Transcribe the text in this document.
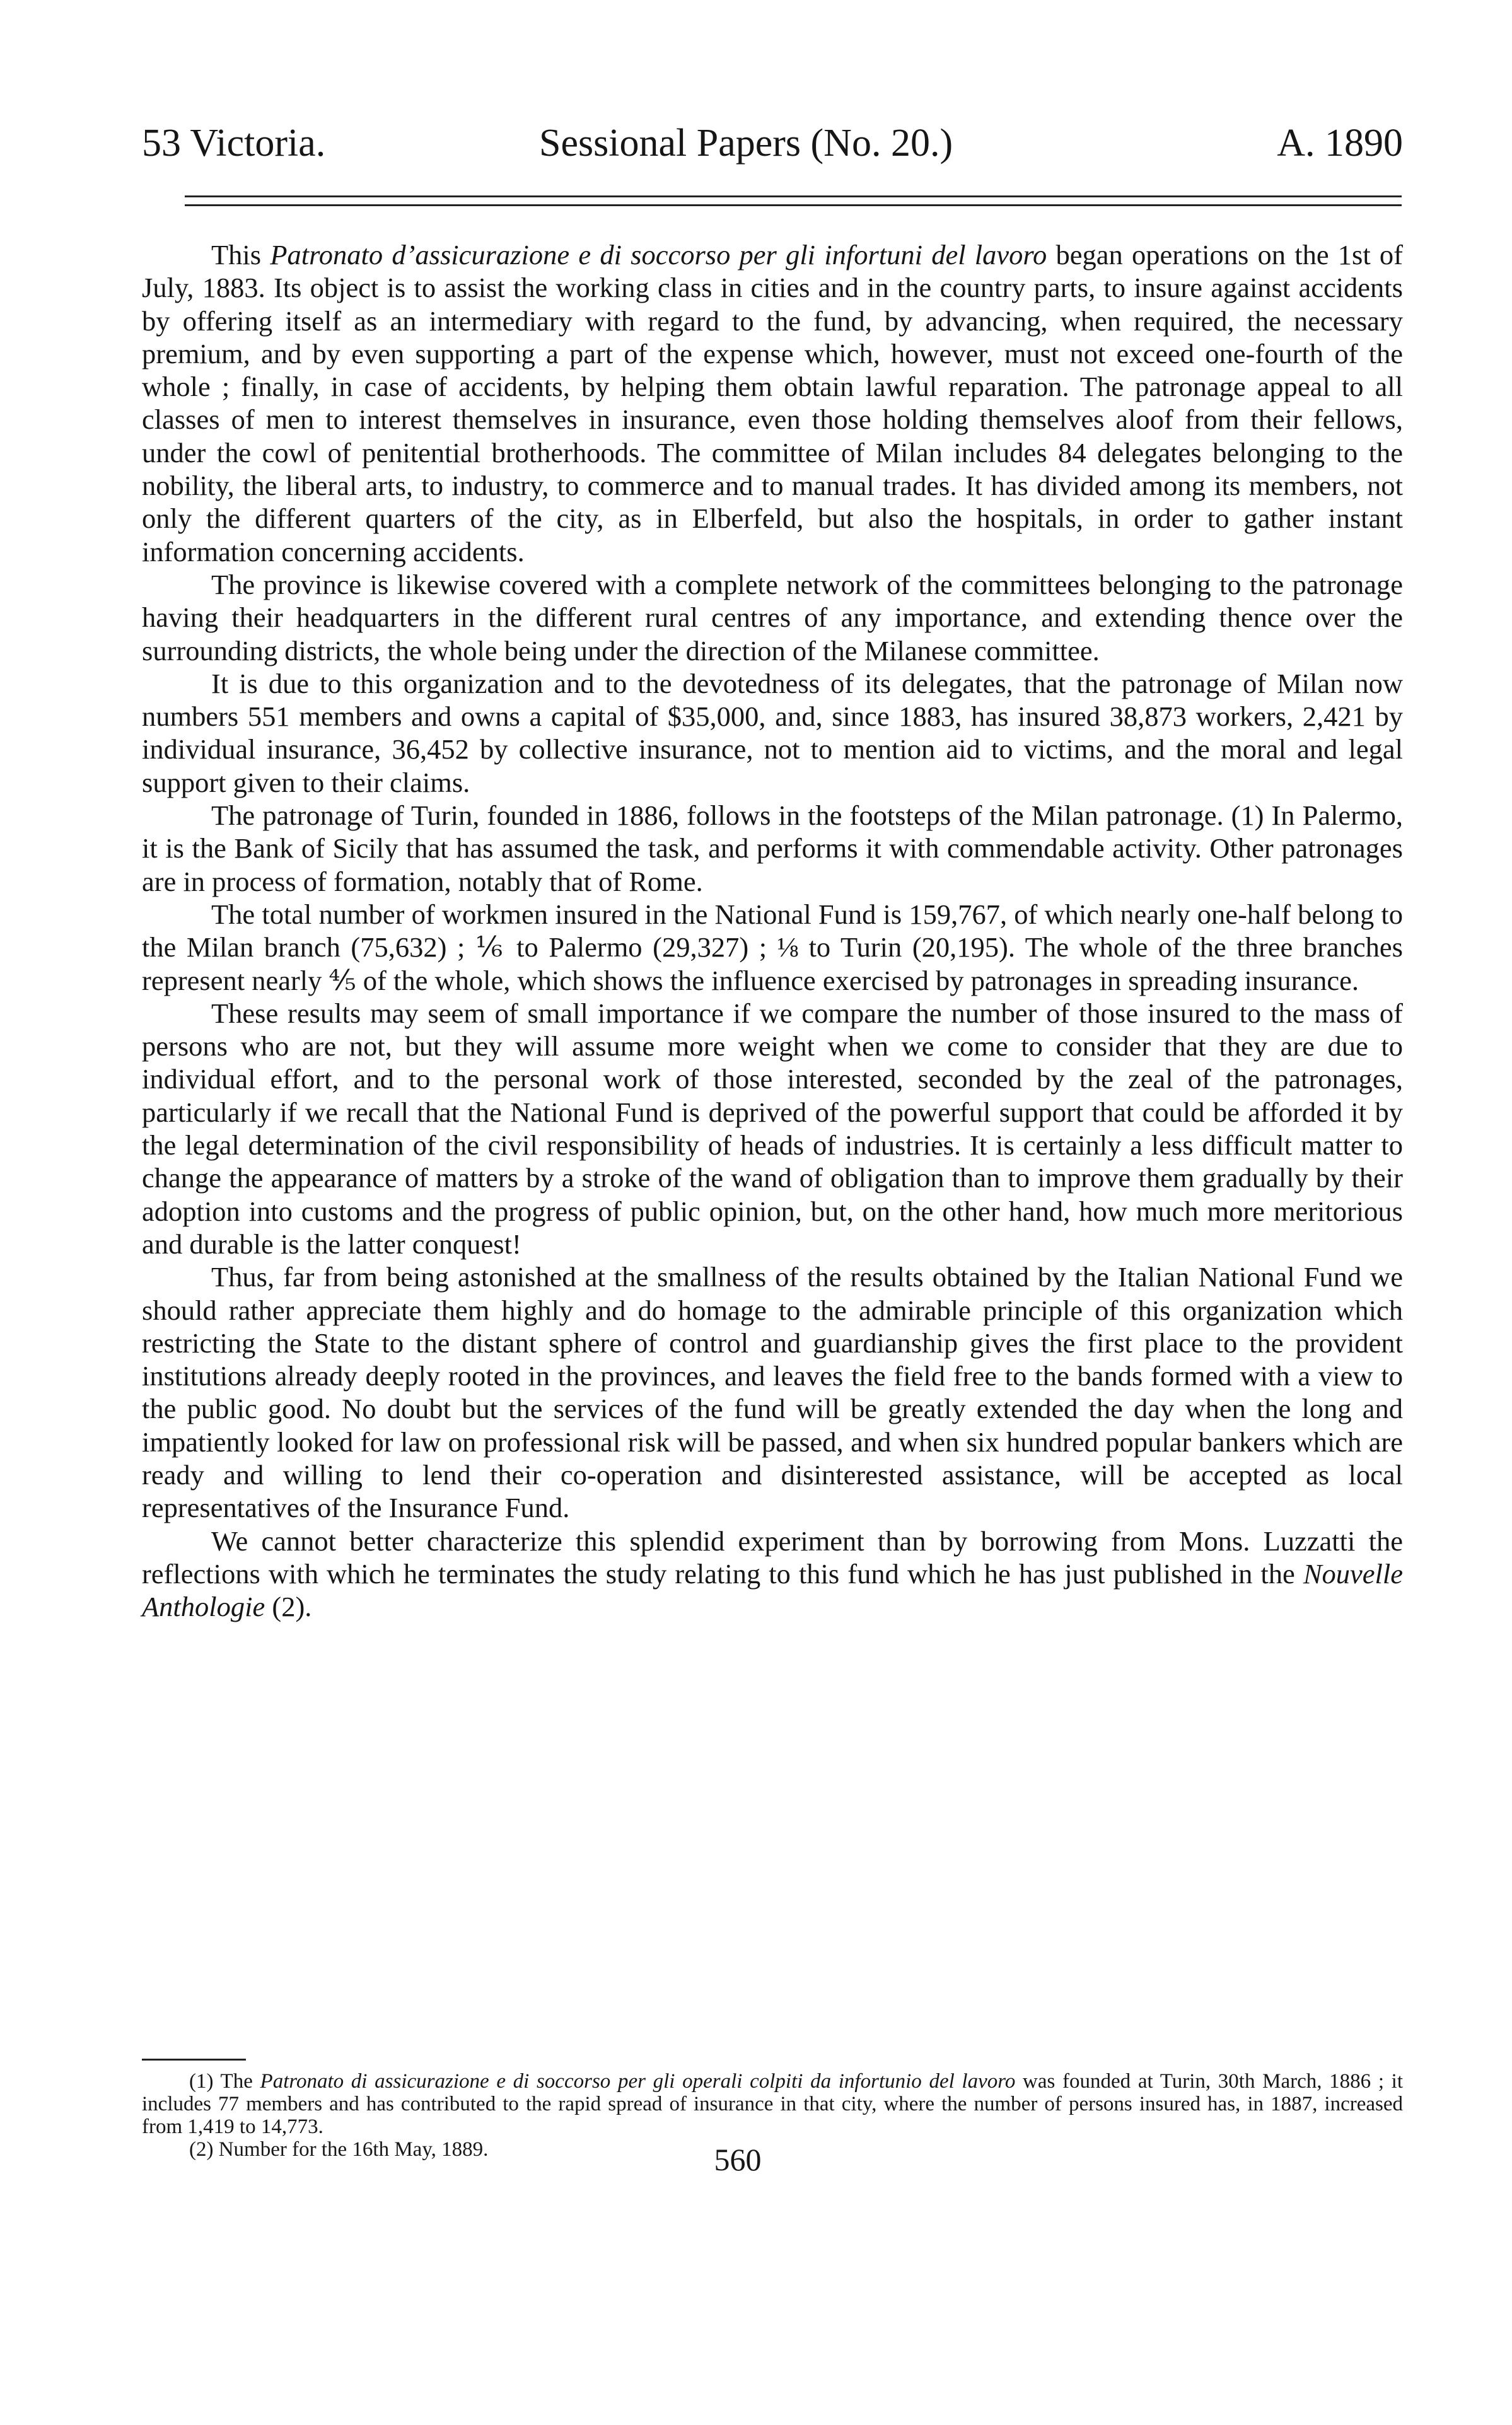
53 Victoria.	Sessional Papers (No. 20.)	A. 1890

This Patronato d’assicurazione e di soccorso per gli infortuni del lavoro began operations on the 1st of July, 1883. Its object is to assist the working class in cities and in the country parts, to insure against accidents by offering itself as an intermediary with regard to the fund, by advancing, when required, the necessary premium, and by even supporting a part of the expense which, however, must not exceed one-fourth of the whole ; finally, in case of accidents, by helping them obtain lawful reparation. The patronage appeal to all classes of men to interest themselves in insurance, even those holding themselves aloof from their fellows, under the cowl of penitential brotherhoods. The committee of Milan includes 84 delegates belonging to the nobility, the liberal arts, to industry, to commerce and to manual trades. It has divided among its members, not only the different quarters of the city, as in Elberfeld, but also the hospitals, in order to gather instant information concerning accidents.

The province is likewise covered with a complete network of the committees belonging to the patronage having their headquarters in the different rural centres of any importance, and extending thence over the surrounding districts, the whole being under the direction of the Milanese committee.

It is due to this organization and to the devotedness of its delegates, that the patronage of Milan now numbers 551 members and owns a capital of $35,000, and, since 1883, has insured 38,873 workers, 2,421 by individual insurance, 36,452 by collective insurance, not to mention aid to victims, and the moral and legal support given to their claims.

The patronage of Turin, founded in 1886, follows in the footsteps of the Milan patronage. (1) In Palermo, it is the Bank of Sicily that has assumed the task, and performs it with commendable activity. Other patronages are in process of formation, notably that of Rome.

The total number of workmen insured in the National Fund is 159,767, of which nearly one-half belong to the Milan branch (75,632) ; ⅙ to Palermo (29,327) ; ⅛ to Turin (20,195). The whole of the three branches represent nearly ⅘ of the whole, which shows the influence exercised by patronages in spreading insurance.

These results may seem of small importance if we compare the number of those insured to the mass of persons who are not, but they will assume more weight when we come to consider that they are due to individual effort, and to the personal work of those interested, seconded by the zeal of the patronages, particularly if we recall that the National Fund is deprived of the powerful support that could be afforded it by the legal determination of the civil responsibility of heads of industries. It is certainly a less difficult matter to change the appearance of matters by a stroke of the wand of obligation than to improve them gradually by their adoption into customs and the progress of public opinion, but, on the other hand, how much more meritorious and durable is the latter conquest!

Thus, far from being astonished at the smallness of the results obtained by the Italian National Fund we should rather appreciate them highly and do homage to the admirable principle of this organization which restricting the State to the distant sphere of control and guardianship gives the first place to the provident institutions already deeply rooted in the provinces, and leaves the field free to the bands formed with a view to the public good. No doubt but the services of the fund will be greatly extended the day when the long and impatiently looked for law on professional risk will be passed, and when six hundred popular bankers which are ready and willing to lend their co-operation and disinterested assistance, will be accepted as local representatives of the Insurance Fund.

We cannot better characterize this splendid experiment than by borrowing from Mons. Luzzatti the reflections with which he terminates the study relating to this fund which he has just published in the Nouvelle Anthologie (2).

(1) The Patronato di assicurazione e di soccorso per gli operali colpiti da infortunio del lavoro was founded at Turin, 30th March, 1886 ; it includes 77 members and has contributed to the rapid spread of insurance in that city, where the number of persons insured has, in 1887, increased from 1,419 to 14,773.

(2) Number for the 16th May, 1889.	560
